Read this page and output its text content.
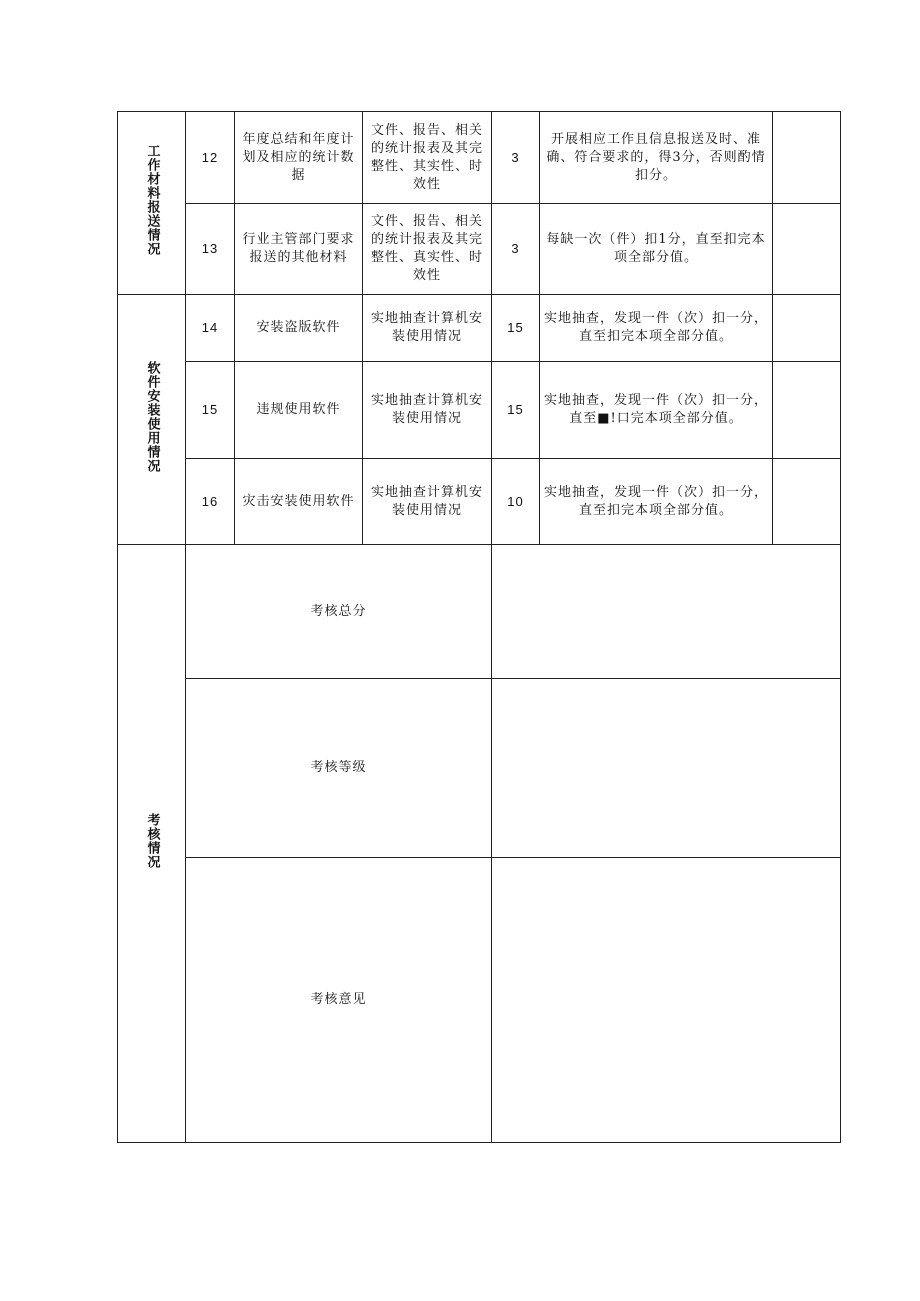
工作材料报送情况	12	年度总结和年度计划及相应的统计数据	文件、报告、相关的统计报表及其完整性、其实性、时效性	3	开展相应工作且信息报送及时、准确、符合要求的，得3分，否则酌情扣分。	
	13	行业主管部门要求报送的其他材料	文件、报告、相关的统计报表及其完整性、真实性、时效性	3	每缺一次（件）扣1分，直至扣完本项全部分值。	
软件安装使用情况	14	安装盗版软件	实地抽查计算机安装使用情况	15	实地抽查，发现一件（次）扣一分，直至扣完本项全部分值。	
	15	违规使用软件	实地抽查计算机安装使用情况	15	实地抽查，发现一件（次）扣一分，直至■!口完本项全部分值。	
	16	灾击安装使用软件	实地抽查计算机安装使用情况	10	实地抽查，发现一件（次）扣一分，直至扣完本项全部分值。	
考核情况	考核总分					
	考核等级					
	考核意见					
